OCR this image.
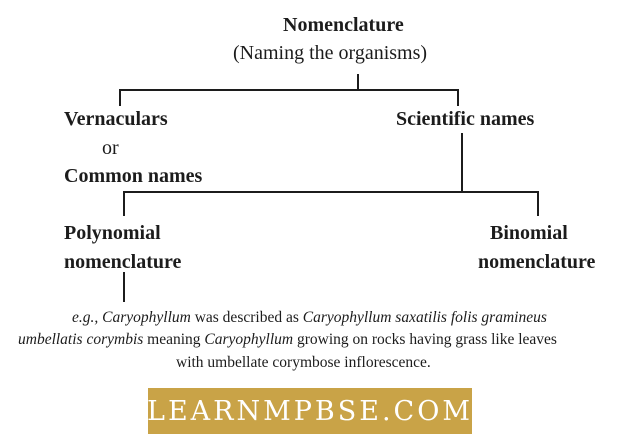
Nomenclature
(Naming the organisms)
Vernaculars
or
Common names
Scientific names
Polynomial
nomenclature
Binomial
nomenclature
e.g., Caryophyllum was described as Caryophyllum saxatilis folis gramineus
umbellatis corymbis meaning Caryophyllum growing on rocks having grass like leaves
with umbellate corymbose inflorescence.
LEARNMPBSE.COM
